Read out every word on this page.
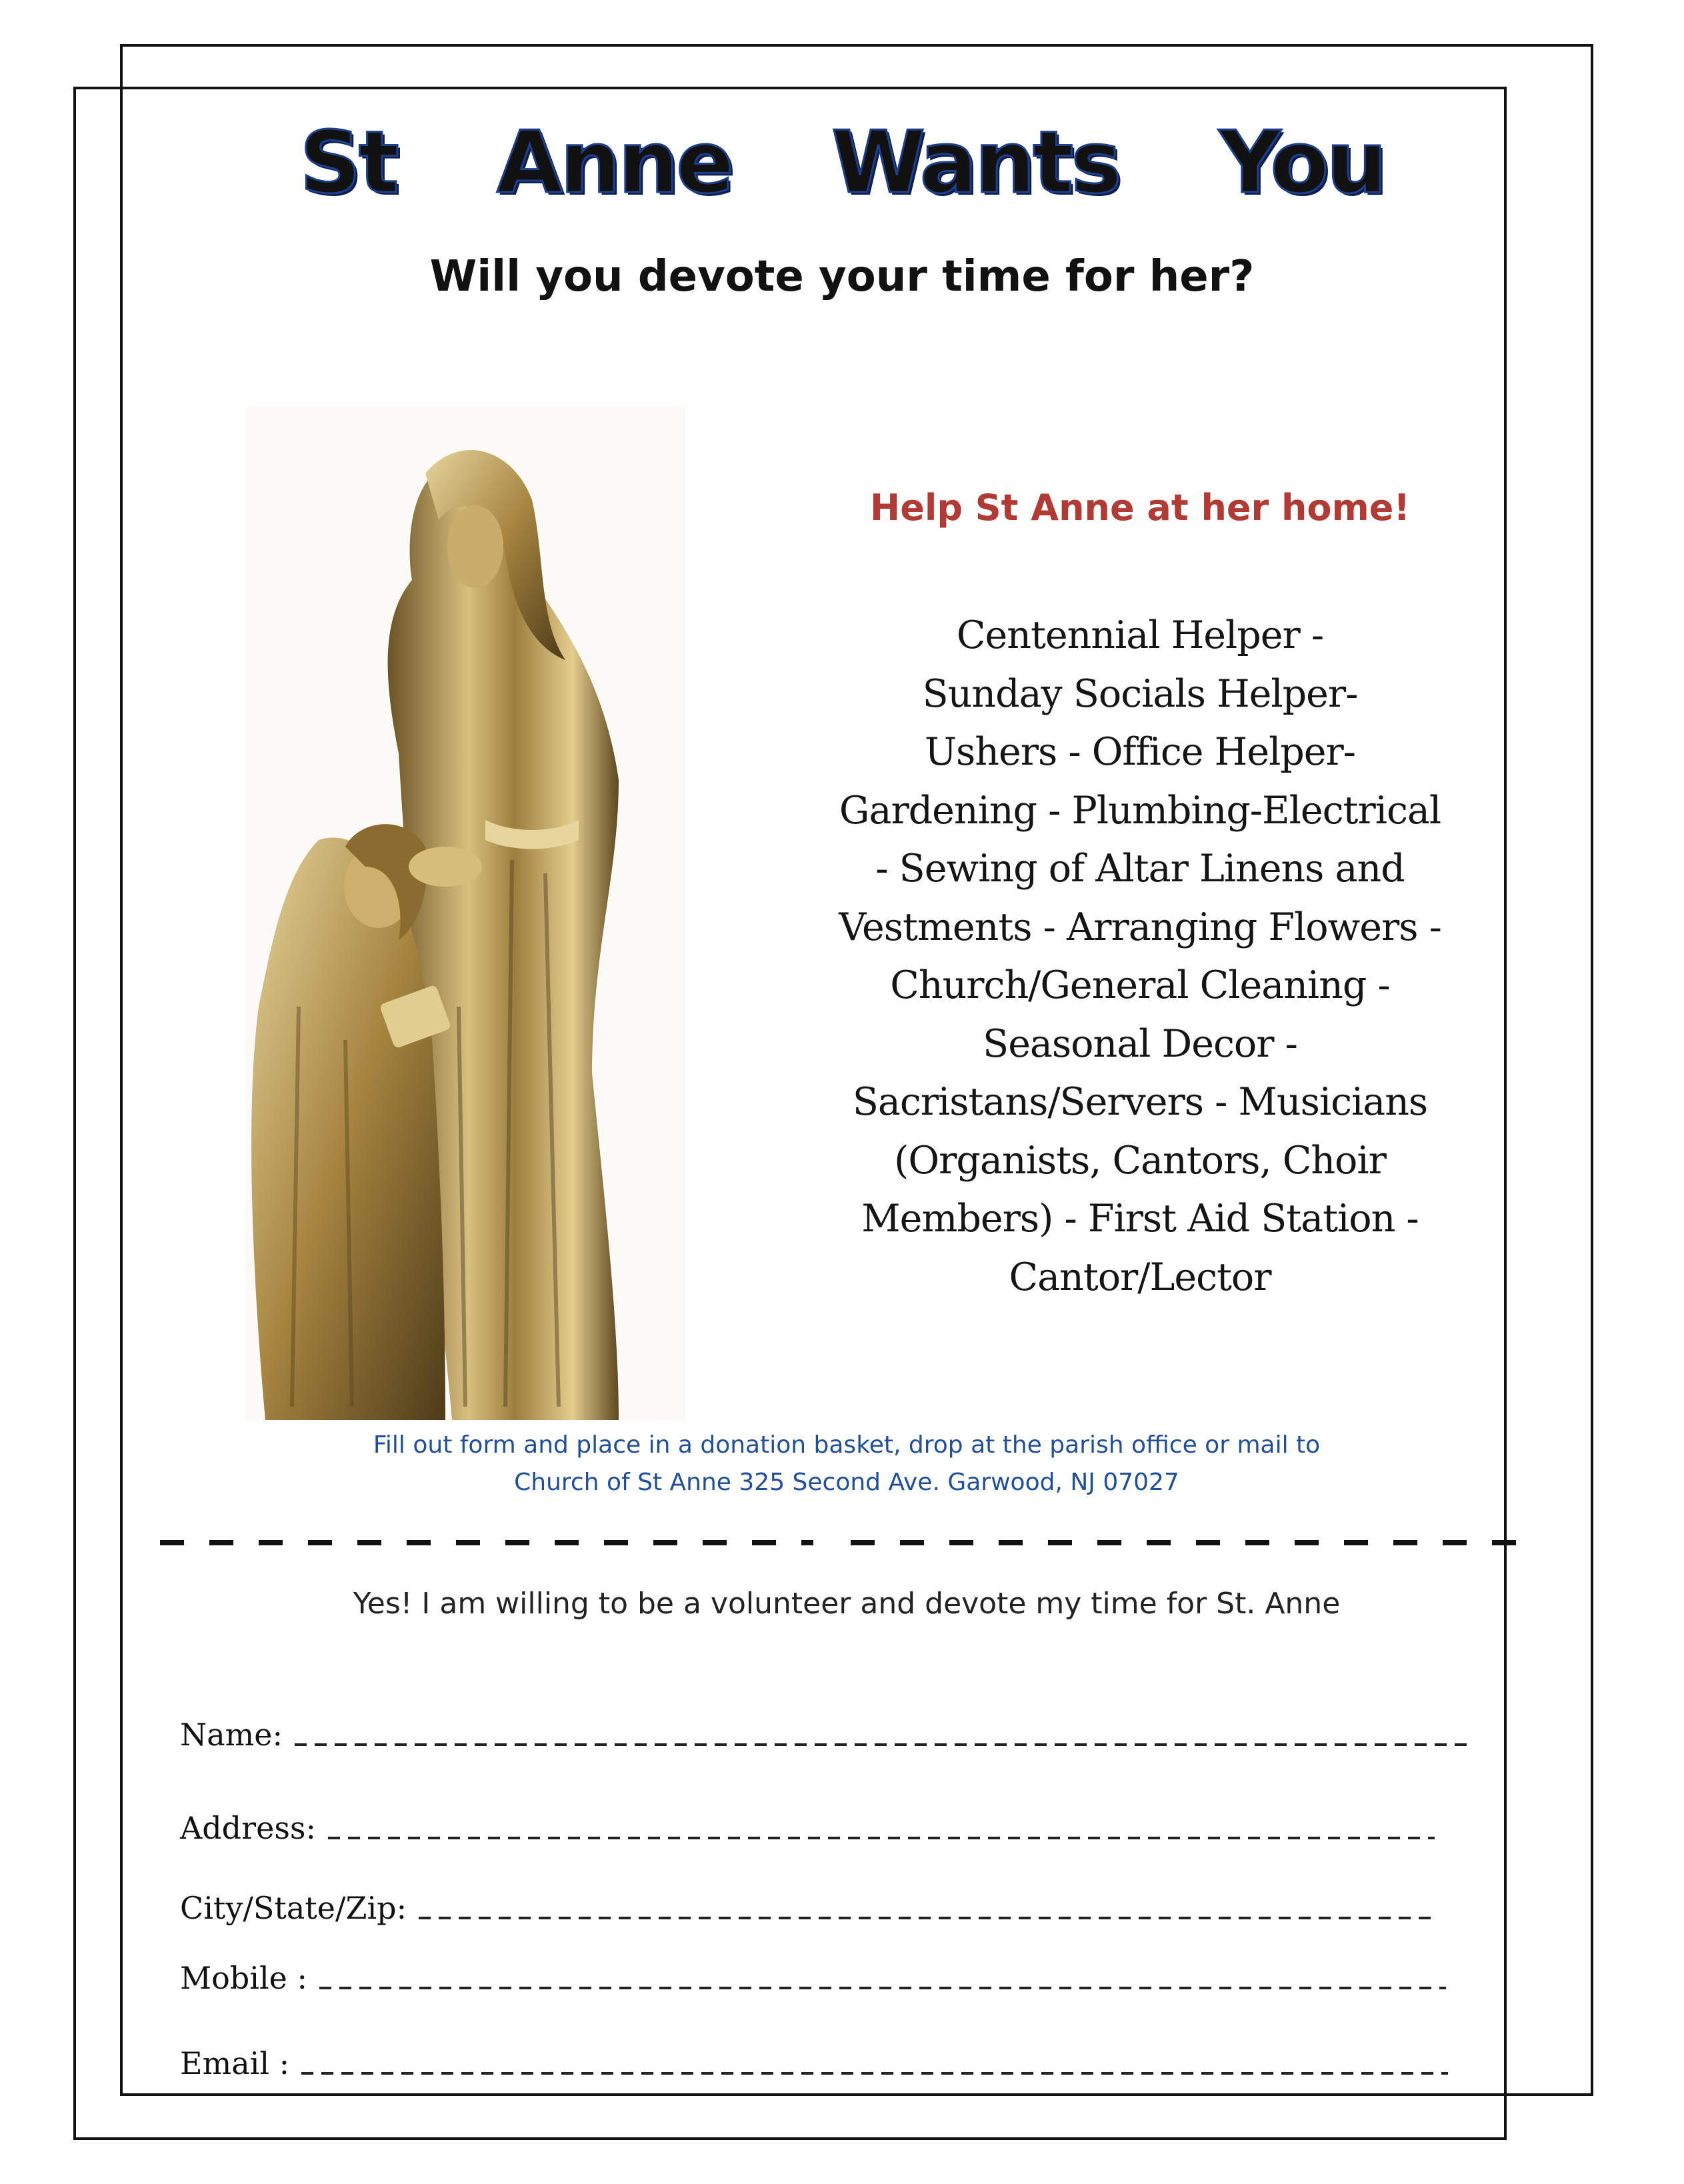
St Anne Wants You
Will you devote your time for her?
Help St Anne at her home!
Centennial Helper -
Sunday Socials Helper-
Ushers - Office Helper-
Gardening - Plumbing-Electrical
- Sewing of Altar Linens and
Vestments - Arranging Flowers -
Church/General Cleaning -
Seasonal Decor -
Sacristans/Servers - Musicians
(Organists, Cantors, Choir
Members) - First Aid Station -
Cantor/Lector
Fill out form and place in a donation basket, drop at the parish office or mail to
Church of St Anne 325 Second Ave. Garwood, NJ 07027
Yes! I am willing to be a volunteer and devote my time for St. Anne
Name:
Address:
City/State/Zip:
Mobile :
Email :
